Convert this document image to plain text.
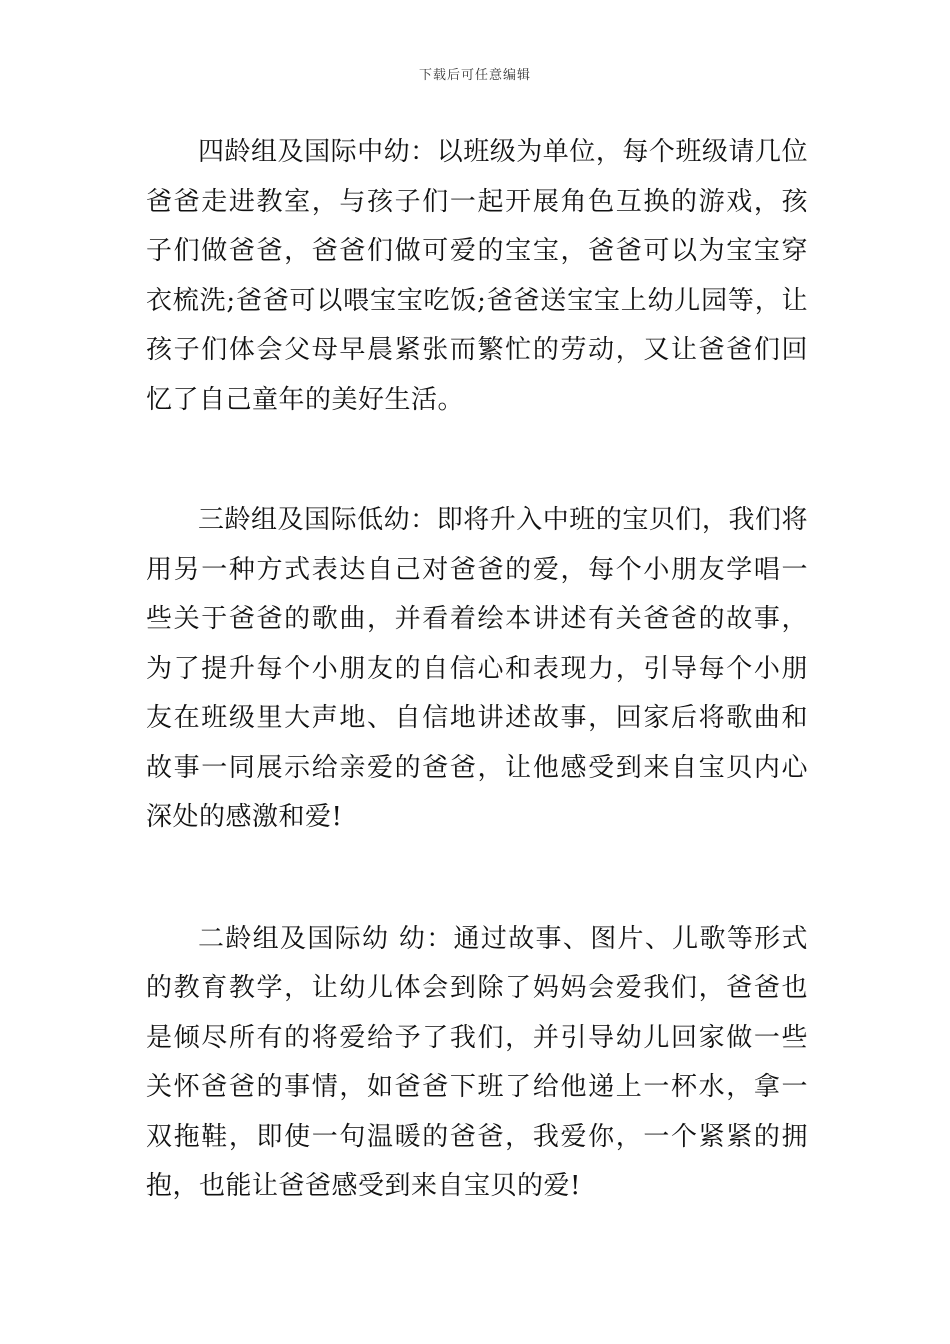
下载后可任意编辑

四龄组及国际中幼：以班级为单位，每个班级请几位爸爸走进教室，与孩子们一起开展角色互换的游戏，孩子们做爸爸，爸爸们做可爱的宝宝，爸爸可以为宝宝穿衣梳洗;爸爸可以喂宝宝吃饭;爸爸送宝宝上幼儿园等，让孩子们体会父母早晨紧张而繁忙的劳动，又让爸爸们回忆了自己童年的美好生活。

三龄组及国际低幼：即将升入中班的宝贝们，我们将用另一种方式表达自己对爸爸的爱，每个小朋友学唱一些关于爸爸的歌曲，并看着绘本讲述有关爸爸的故事，为了提升每个小朋友的自信心和表现力，引导每个小朋友在班级里大声地、自信地讲述故事，回家后将歌曲和故事一同展示给亲爱的爸爸，让他感受到来自宝贝内心深处的感激和爱!

二龄组及国际幼 幼：通过故事、图片、儿歌等形式的教育教学，让幼儿体会到除了妈妈会爱我们，爸爸也是倾尽所有的将爱给予了我们，并引导幼儿回家做一些关怀爸爸的事情，如爸爸下班了给他递上一杯水，拿一双拖鞋，即使一句温暖的爸爸，我爱你，一个紧紧的拥抱，也能让爸爸感受到来自宝贝的爱!
